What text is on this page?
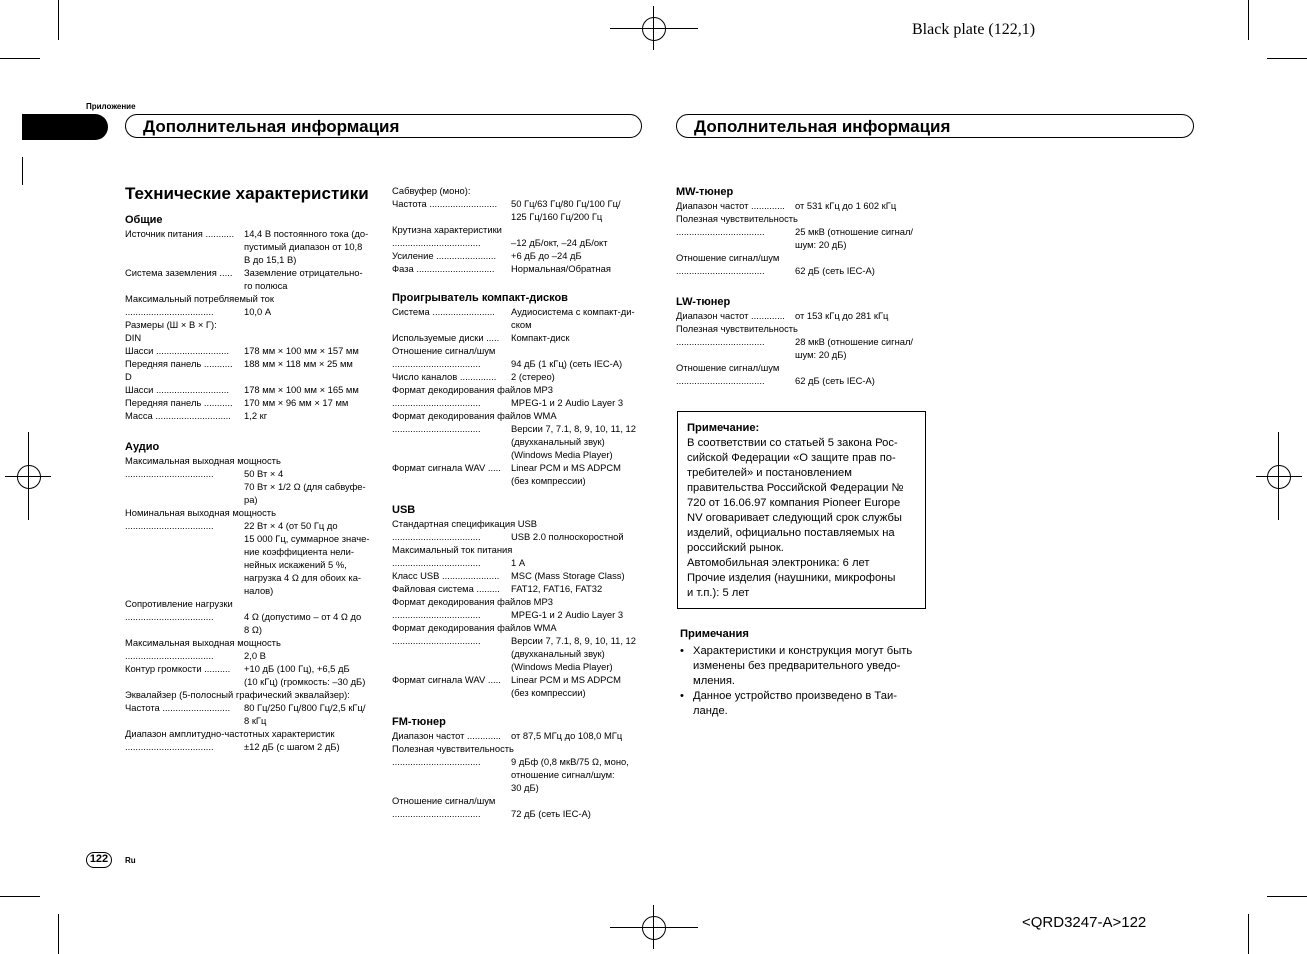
Black plate (122,1)
Приложение
Дополнительная информация	Дополнительная информация
Технические характеристики
Общие
Источник питания ...........	14,4 В постоянного тока (до-
пустимый диапазон от 10,8
В до 15,1 В)
Система заземления .....	Заземление отрицательно-
го полюса
Максимальный потребляемый ток
..................................	10,0 А
Размеры (Ш × В × Г):
DIN
Шасси ............................	178 мм × 100 мм × 157 мм
Передняя панель ...........	188 мм × 118 мм × 25 мм
D
Шасси ............................	178 мм × 100 мм × 165 мм
Передняя панель ...........	170 мм × 96 мм × 17 мм
Масса .............................	1,2 кг
Аудио
Максимальная выходная мощность
..................................	50 Вт × 4
70 Вт × 1/2 Ω (для сабвуфе-
ра)
Номинальная выходная мощность
..................................	22 Вт × 4 (от 50 Гц до
15 000 Гц, суммарное значе-
ние коэффициента нели-
нейных искажений 5 %,
нагрузка 4 Ω для обоих ка-
налов)
Сопротивление нагрузки
..................................	4 Ω (допустимо – от 4 Ω до
8 Ω)
Максимальная выходная мощность
..................................	2,0 В
Контур громкости ..........	+10 дБ (100 Гц), +6,5 дБ
(10 кГц) (громкость: –30 дБ)
Эквалайзер (5-полосный графический эквалайзер):
Частота ..........................	80 Гц/250 Гц/800 Гц/2,5 кГц/
8 кГц
Диапазон амплитудно-частотных характеристик
..................................	±12 дБ (с шагом 2 дБ)
Сабвуфер (моно):
Частота ..........................	50 Гц/63 Гц/80 Гц/100 Гц/
125 Гц/160 Гц/200 Гц
Крутизна характеристики
..................................	–12 дБ/окт, –24 дБ/окт
Усиление .......................	+6 дБ до –24 дБ
Фаза ..............................	Нормальная/Обратная
Проигрыватель компакт-дисков
Система ........................	Аудиосистема с компакт-ди-
ском
Используемые диски .....	Компакт-диск
Отношение сигнал/шум
..................................	94 дБ (1 кГц) (сеть IEC-A)
Число каналов ..............	2 (стерео)
Формат декодирования файлов MP3
..................................	MPEG-1 и 2 Audio Layer 3
Формат декодирования файлов WMA
..................................	Версии 7, 7.1, 8, 9, 10, 11, 12
(двухканальный звук)
(Windows Media Player)
Формат сигнала WAV .....	Linear PCM и MS ADPCM
(без компрессии)
USB
Стандартная спецификация USB
..................................	USB 2.0 полноскоростной
Максимальный ток питания
..................................	1 А
Класс USB ......................	MSC (Mass Storage Class)
Файловая система .........	FAT12, FAT16, FAT32
Формат декодирования файлов MP3
..................................	MPEG-1 и 2 Audio Layer 3
Формат декодирования файлов WMA
..................................	Версии 7, 7.1, 8, 9, 10, 11, 12
(двухканальный звук)
(Windows Media Player)
Формат сигнала WAV .....	Linear PCM и MS ADPCM
(без компрессии)
FM-тюнер
Диапазон частот .............	от 87,5 МГц до 108,0 МГц
Полезная чувствительность
..................................	9 дБф (0,8 мкВ/75 Ω, моно,
отношение сигнал/шум:
30 дБ)
Отношение сигнал/шум
..................................	72 дБ (сеть IEC-A)
MW-тюнер
Диапазон частот .............	от 531 кГц до 1 602 кГц
Полезная чувствительность
..................................	25 мкВ (отношение сигнал/
шум: 20 дБ)
Отношение сигнал/шум
..................................	62 дБ (сеть IEC-A)
LW-тюнер
Диапазон частот .............	от 153 кГц до 281 кГц
Полезная чувствительность
..................................	28 мкВ (отношение сигнал/
шум: 20 дБ)
Отношение сигнал/шум
..................................	62 дБ (сеть IEC-A)
Примечание:
В соответствии со статьей 5 закона Рос-
сийской Федерации «О защите прав по-
требителей» и постановлением
правительства Российской Федерации №
720 от 16.06.97 компания Pioneer Europe
NV оговаривает следующий срок службы
изделий, официально поставляемых на
российский рынок.
Автомобильная электроника: 6 лет
Прочие изделия (наушники, микрофоны
и т.п.): 5 лет
Примечания
• Характеристики и конструкция могут быть
изменены без предварительного уведо-
мления.
• Данное устройство произведено в Таи-
ланде.
122	Ru
<QRD3247-A>122
